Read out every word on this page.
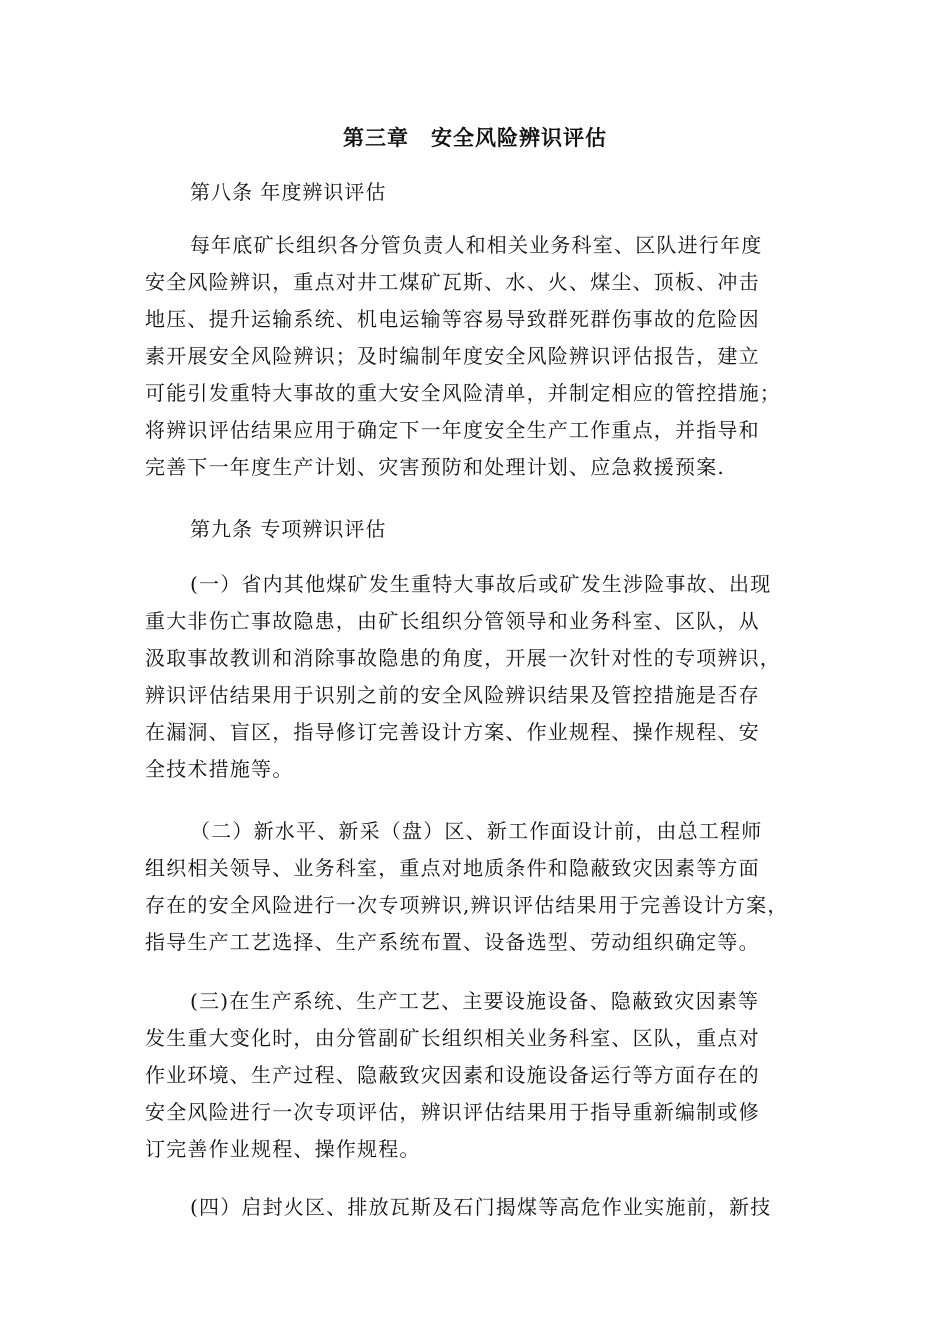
第三章 安全风险辨识评估
第八条 年度辨识评估
每年底矿长组织各分管负责人和相关业务科室、区队进行年度
安全风险辨识，重点对井工煤矿瓦斯、水、火、煤尘、顶板、冲击
地压、提升运输系统、机电运输等容易导致群死群伤事故的危险因
素开展安全风险辨识；及时编制年度安全风险辨识评估报告，建立
可能引发重特大事故的重大安全风险清单，并制定相应的管控措施；
将辨识评估结果应用于确定下一年度安全生产工作重点，并指导和
完善下一年度生产计划、灾害预防和处理计划、应急救援预案.
第九条 专项辨识评估
(一）省内其他煤矿发生重特大事故后或矿发生涉险事故、出现
重大非伤亡事故隐患，由矿长组织分管领导和业务科室、区队，从
汲取事故教训和消除事故隐患的角度，开展一次针对性的专项辨识，
辨识评估结果用于识别之前的安全风险辨识结果及管控措施是否存
在漏洞、盲区，指导修订完善设计方案、作业规程、操作规程、安
全技术措施等。
（二）新水平、新采（盘）区、新工作面设计前，由总工程师
组织相关领导、业务科室，重点对地质条件和隐蔽致灾因素等方面
存在的安全风险进行一次专项辨识,辨识评估结果用于完善设计方案，
指导生产工艺选择、生产系统布置、设备选型、劳动组织确定等。
(三)在生产系统、生产工艺、主要设施设备、隐蔽致灾因素等
发生重大变化时，由分管副矿长组织相关业务科室、区队，重点对
作业环境、生产过程、隐蔽致灾因素和设施设备运行等方面存在的
安全风险进行一次专项评估，辨识评估结果用于指导重新编制或修
订完善作业规程、操作规程。
(四）启封火区、排放瓦斯及石门揭煤等高危作业实施前，新技
